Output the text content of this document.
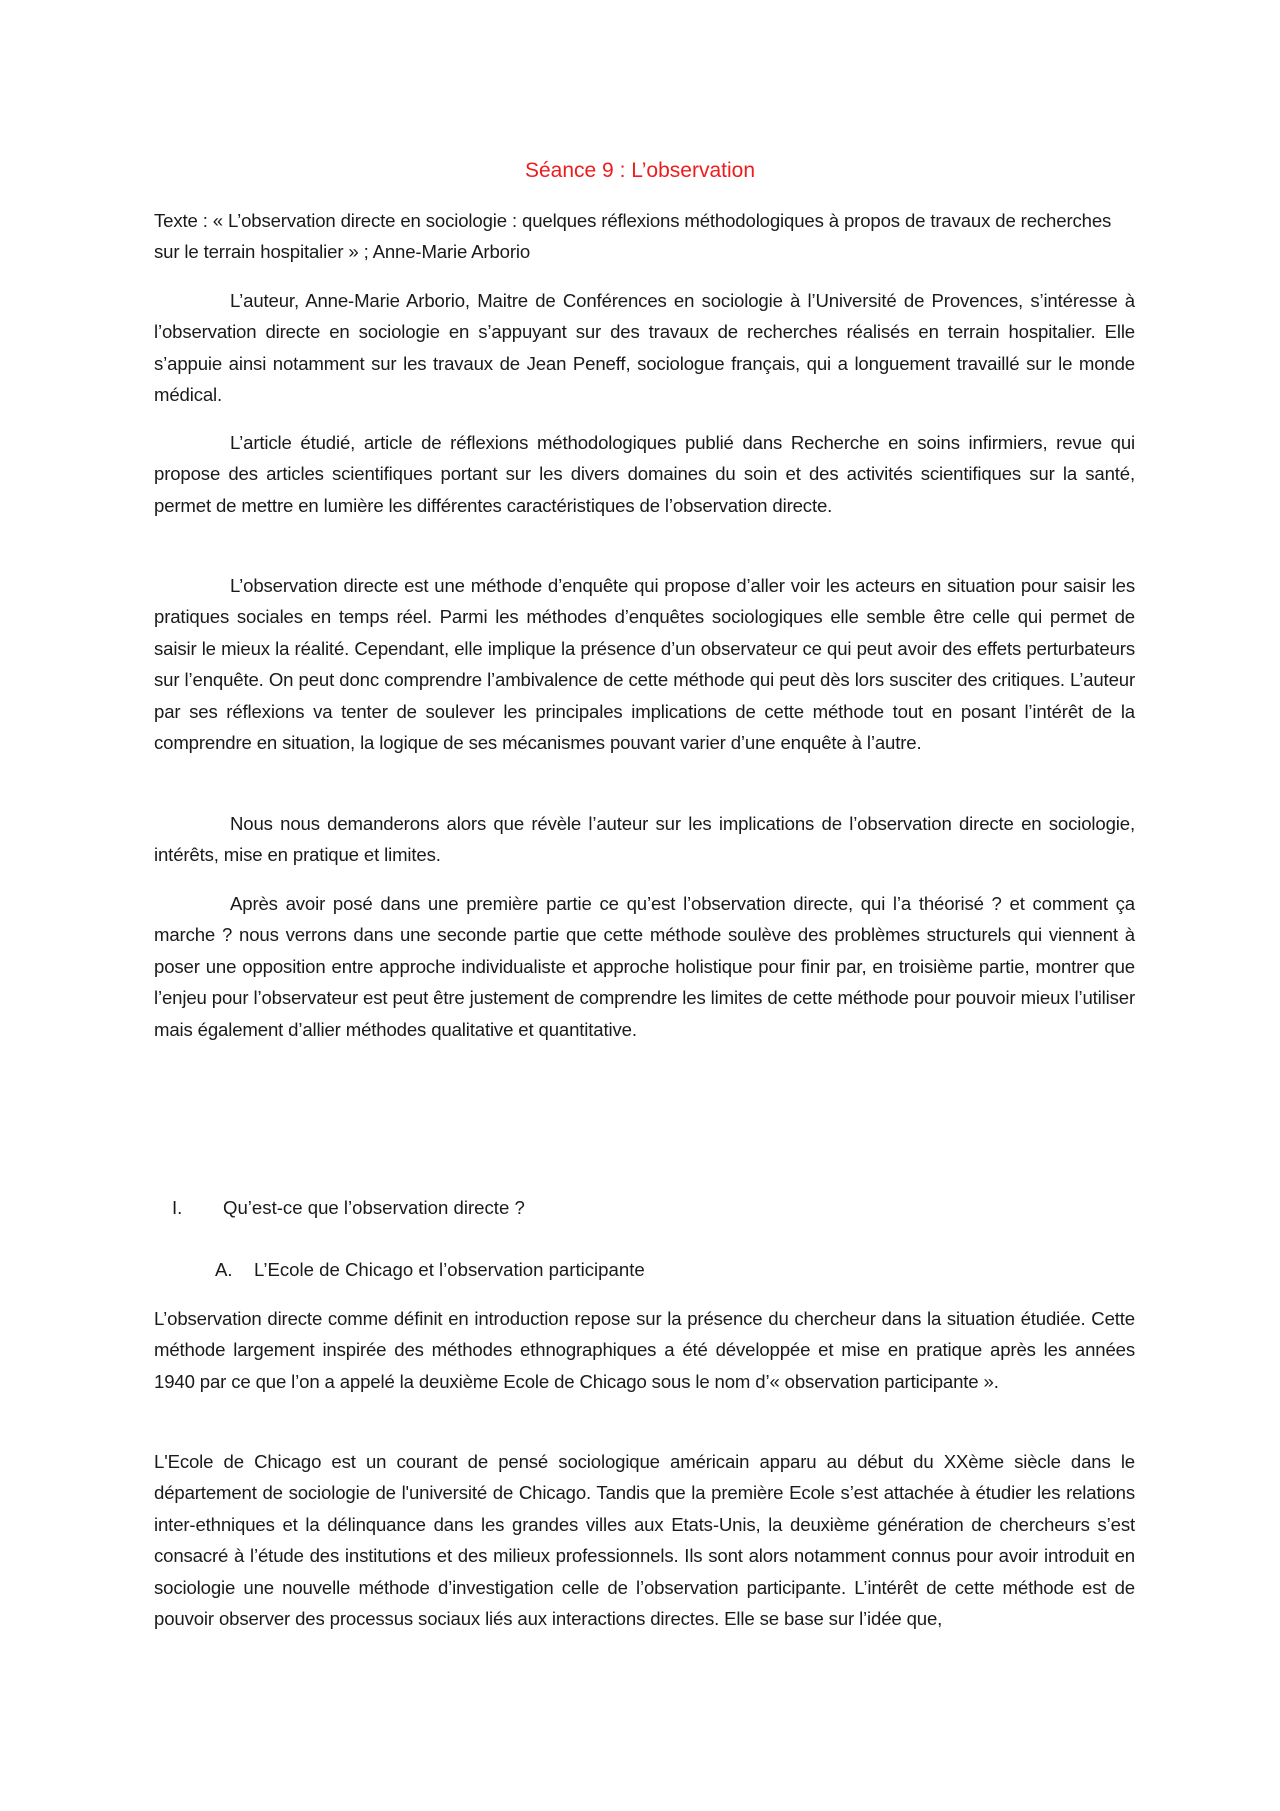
Séance 9 : L’observation
Texte : « L’observation directe en sociologie : quelques réflexions méthodologiques à propos de travaux de recherches sur le terrain hospitalier » ; Anne-Marie Arborio
L’auteur, Anne-Marie Arborio, Maitre de Conférences en sociologie à l’Université de Provences, s’intéresse à l’observation directe en sociologie en s’appuyant sur des travaux de recherches réalisés en terrain hospitalier. Elle s’appuie ainsi notamment sur les travaux de Jean Peneff, sociologue français, qui a longuement travaillé sur le monde médical.
L’article étudié, article de réflexions méthodologiques publié dans Recherche en soins infirmiers, revue qui propose des articles scientifiques portant sur les divers domaines du soin et des activités scientifiques sur la santé, permet de mettre en lumière les différentes caractéristiques de l’observation directe.
L’observation directe est une méthode d’enquête qui propose d’aller voir les acteurs en situation pour saisir les pratiques sociales en temps réel. Parmi les méthodes d’enquêtes sociologiques elle semble être celle qui permet de saisir le mieux la réalité. Cependant, elle implique la présence d’un observateur ce qui peut avoir des effets perturbateurs sur l’enquête. On peut donc comprendre l’ambivalence de cette méthode qui peut dès lors susciter des critiques. L’auteur par ses réflexions va tenter de soulever les principales implications de cette méthode tout en posant l’intérêt de la comprendre en situation, la logique de ses mécanismes pouvant varier d’une enquête à l’autre.
Nous nous demanderons alors que révèle l’auteur sur les implications de l’observation directe en sociologie, intérêts, mise en pratique et limites.
Après avoir posé dans une première partie ce qu’est l’observation directe, qui l’a théorisé ? et comment ça marche ? nous verrons dans une seconde partie que cette méthode soulève des problèmes structurels qui viennent à poser une opposition entre approche individualiste et approche holistique pour finir par, en troisième partie, montrer que l’enjeu pour l’observateur est peut être justement de comprendre les limites de cette méthode pour pouvoir mieux l’utiliser mais également d’allier méthodes qualitative et quantitative.
I. Qu’est-ce que l’observation directe ?
A. L’Ecole de Chicago et l’observation participante
L’observation directe comme définit en introduction repose sur la présence du chercheur dans la situation étudiée. Cette méthode largement inspirée des méthodes ethnographiques a été développée et mise en pratique après les années 1940 par ce que l’on a appelé la deuxième Ecole de Chicago sous le nom d’« observation participante ».
L'Ecole de Chicago est un courant de pensé sociologique américain apparu au début du XXème siècle dans le département de sociologie de l'université de Chicago. Tandis que la première Ecole s’est attachée à étudier les relations inter-ethniques et la délinquance dans les grandes villes aux Etats-Unis, la deuxième génération de chercheurs s’est consacré à l’étude des institutions et des milieux professionnels. Ils sont alors notamment connus pour avoir introduit en sociologie une nouvelle méthode d’investigation celle de l’observation participante. L’intérêt de cette méthode est de pouvoir observer des processus sociaux liés aux interactions directes. Elle se base sur l’idée que,
